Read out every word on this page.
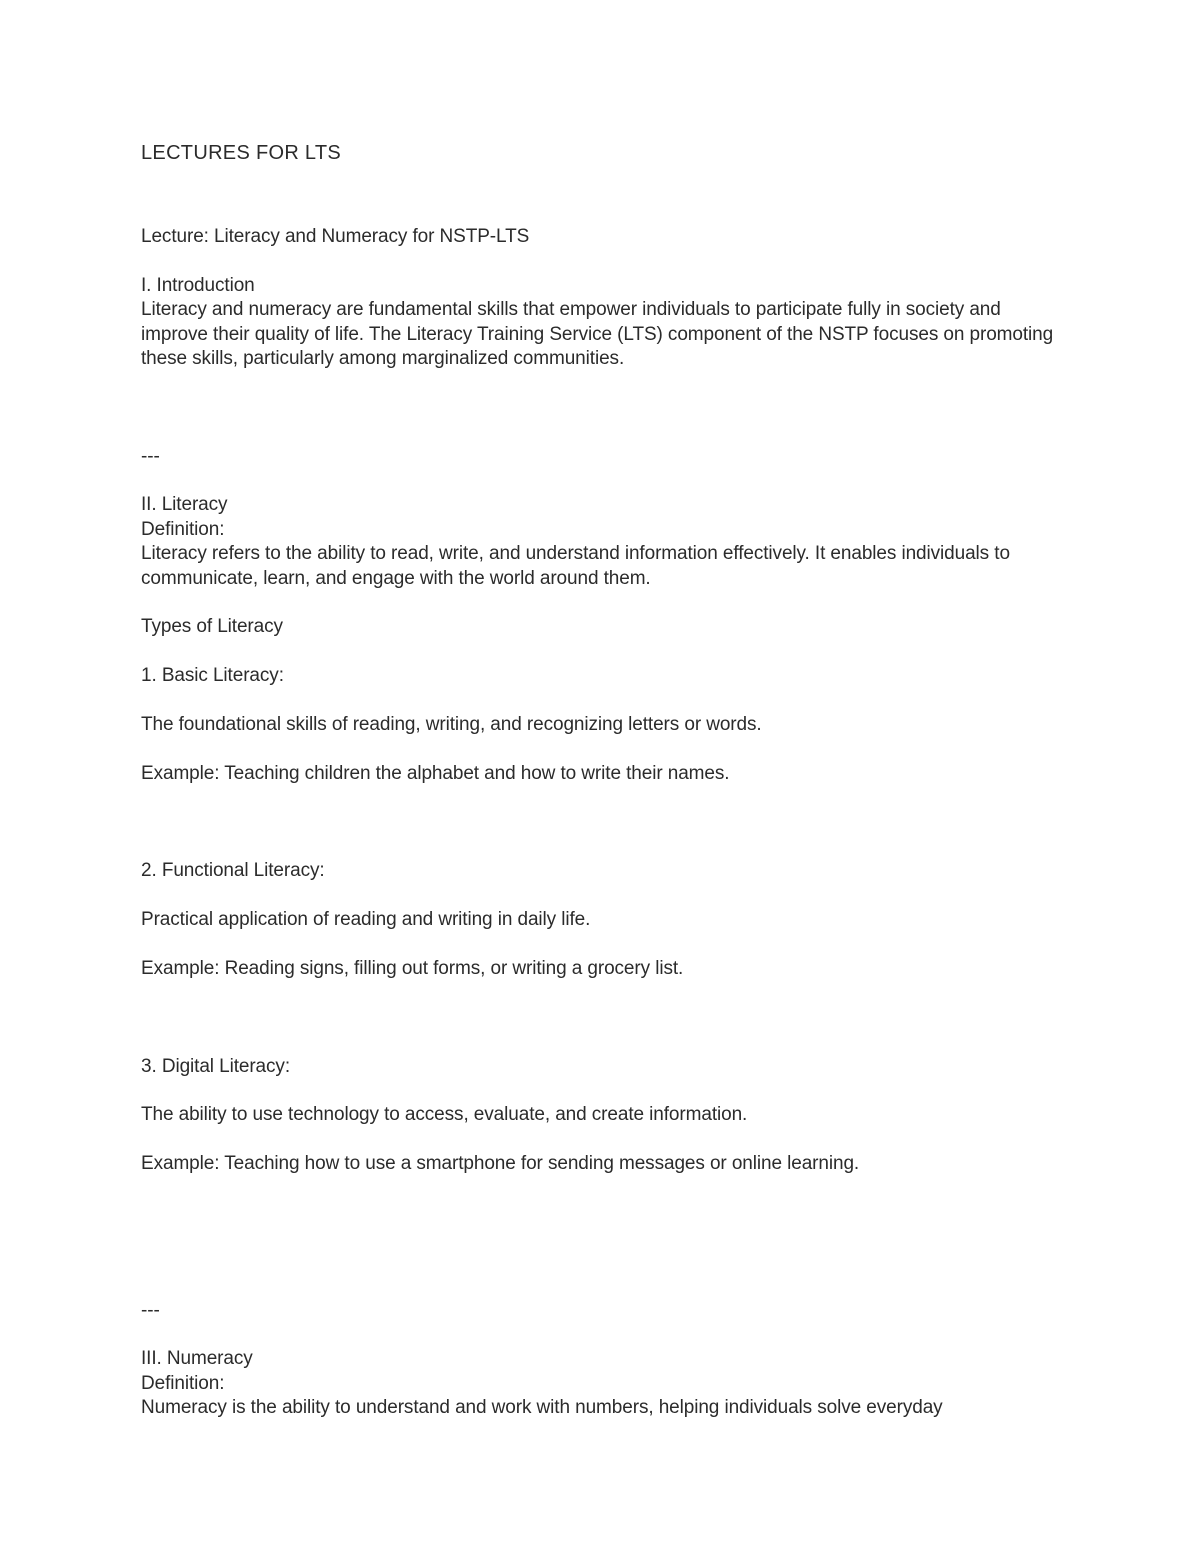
LECTURES FOR LTS

Lecture: Literacy and Numeracy for NSTP-LTS

I. Introduction

Literacy and numeracy are fundamental skills that empower individuals to participate fully in society and improve their quality of life. The Literacy Training Service (LTS) component of the NSTP focuses on promoting these skills, particularly among marginalized communities.

---

II. Literacy

Definition:

Literacy refers to the ability to read, write, and understand information effectively. It enables individuals to communicate, learn, and engage with the world around them.

Types of Literacy

1. Basic Literacy:

The foundational skills of reading, writing, and recognizing letters or words.

Example: Teaching children the alphabet and how to write their names.

2. Functional Literacy:

Practical application of reading and writing in daily life.

Example: Reading signs, filling out forms, or writing a grocery list.

3. Digital Literacy:

The ability to use technology to access, evaluate, and create information.

Example: Teaching how to use a smartphone for sending messages or online learning.

---

III. Numeracy

Definition:

Numeracy is the ability to understand and work with numbers, helping individuals solve everyday
